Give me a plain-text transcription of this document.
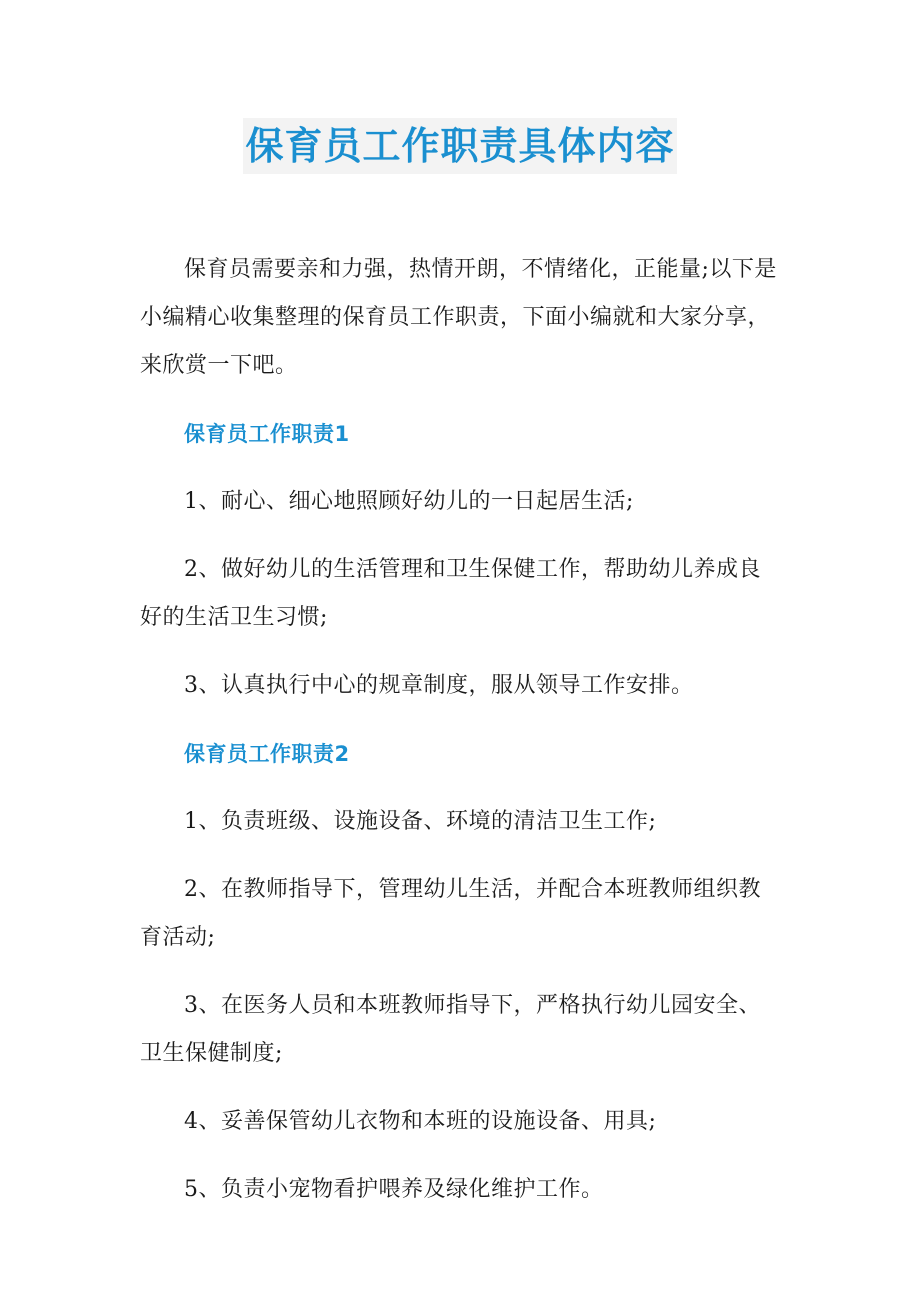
保育员工作职责具体内容

保育员需要亲和力强，热情开朗，不情绪化，正能量;以下是小编精心收集整理的保育员工作职责，下面小编就和大家分享，来欣赏一下吧。

保育员工作职责1

1、耐心、细心地照顾好幼儿的一日起居生活;

2、做好幼儿的生活管理和卫生保健工作，帮助幼儿养成良好的生活卫生习惯;

3、认真执行中心的规章制度，服从领导工作安排。

保育员工作职责2

1、负责班级、设施设备、环境的清洁卫生工作;

2、在教师指导下，管理幼儿生活，并配合本班教师组织教育活动;

3、在医务人员和本班教师指导下，严格执行幼儿园安全、卫生保健制度;

4、妥善保管幼儿衣物和本班的设施设备、用具;

5、负责小宠物看护喂养及绿化维护工作。
